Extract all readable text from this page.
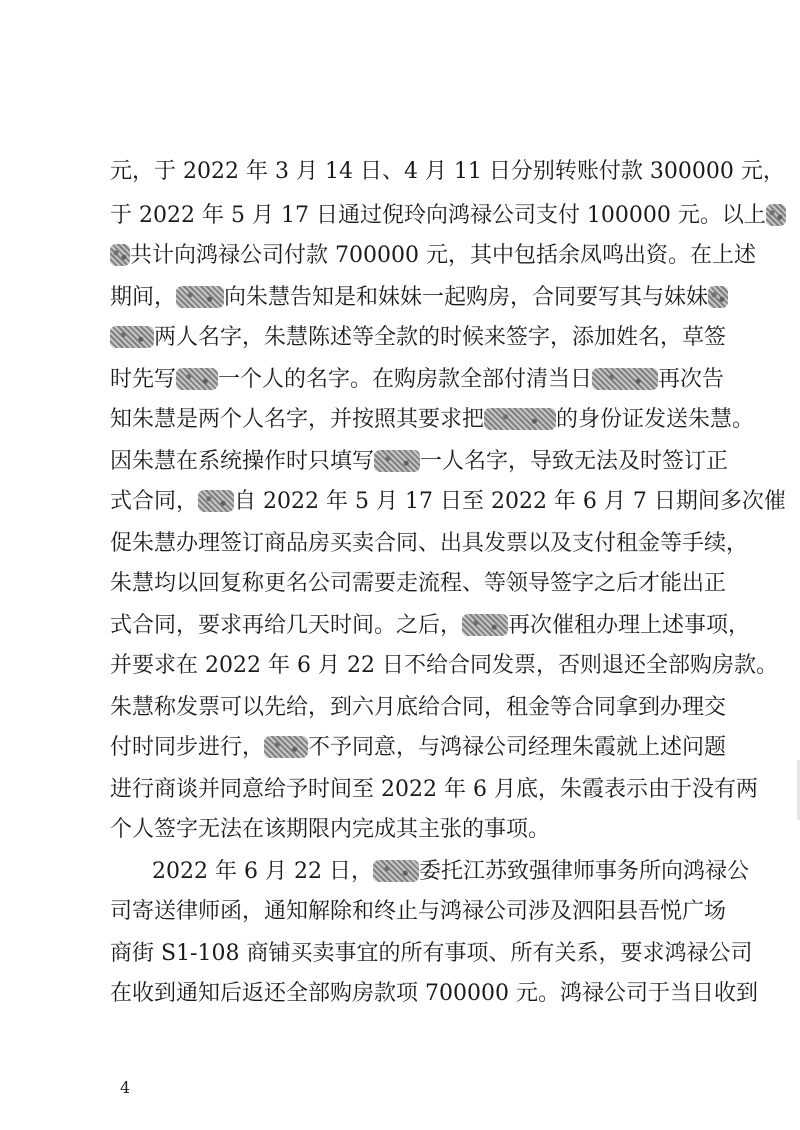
元，于 2022 年 3 月 14 日、4 月 11 日分别转账付款 300000 元，
于 2022 年 5 月 17 日通过倪玲向鸿禄公司支付 100000 元。以上
共计向鸿禄公司付款 700000 元，其中包括余凤鸣出资。在上述
期间， 向朱慧告知是和妹妹一起购房，合同要写其与妹妹
两人名字，朱慧陈述等全款的时候来签字，添加姓名，草签
时先写 一个人的名字。在购房款全部付清当日	再次告
知朱慧是两个人名字，并按照其要求把	的身份证发送朱慧。
因朱慧在系统操作时只填写 一人名字，导致无法及时签订正
式合同， 自 2022 年 5 月 17 日至 2022 年 6 月 7 日期间多次催
促朱慧办理签订商品房买卖合同、出具发票以及支付租金等手续，
朱慧均以回复称更名公司需要走流程、等领导签字之后才能出正
式合同，要求再给几天时间。之后， 再次催租办理上述事项，
并要求在 2022 年 6 月 22 日不给合同发票，否则退还全部购房款。
朱慧称发票可以先给，到六月底给合同，租金等合同拿到办理交
付时同步进行， 不予同意，与鸿禄公司经理朱霞就上述问题
进行商谈并同意给予时间至 2022 年 6 月底，朱霞表示由于没有两
个人签字无法在该期限内完成其主张的事项。
2022 年 6 月 22 日， 委托江苏致强律师事务所向鸿禄公
司寄送律师函，通知解除和终止与鸿禄公司涉及泗阳县吾悦广场
商街 S1-108 商铺买卖事宜的所有事项、所有关系，要求鸿禄公司
在收到通知后返还全部购房款项 700000 元。鸿禄公司于当日收到
4
